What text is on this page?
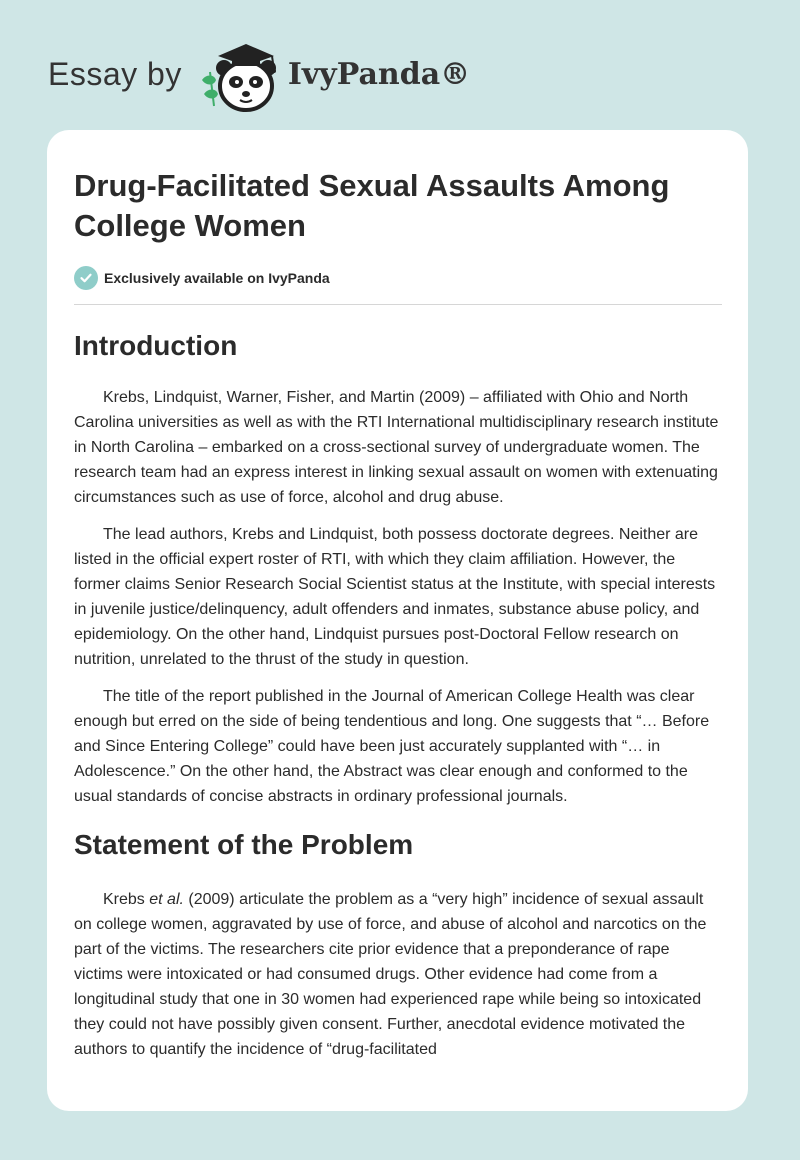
Essay by	IvyPanda®
Drug-Facilitated Sexual Assaults Among College Women
Exclusively available on IvyPanda
Introduction

Krebs, Lindquist, Warner, Fisher, and Martin (2009) – affiliated with Ohio and North Carolina universities as well as with the RTI International multidisciplinary research institute in North Carolina – embarked on a cross-sectional survey of undergraduate women. The research team had an express interest in linking sexual assault on women with extenuating circumstances such as use of force, alcohol and drug abuse.

The lead authors, Krebs and Lindquist, both possess doctorate degrees. Neither are listed in the official expert roster of RTI, with which they claim affiliation. However, the former claims Senior Research Social Scientist status at the Institute, with special interests in juvenile justice/delinquency, adult offenders and inmates, substance abuse policy, and epidemiology. On the other hand, Lindquist pursues post-Doctoral Fellow research on nutrition, unrelated to the thrust of the study in question.

The title of the report published in the Journal of American College Health was clear enough but erred on the side of being tendentious and long. One suggests that “… Before and Since Entering College” could have been just accurately supplanted with “… in Adolescence.” On the other hand, the Abstract was clear enough and conformed to the usual standards of concise abstracts in ordinary professional journals.

Statement of the Problem

Krebs et al. (2009) articulate the problem as a “very high” incidence of sexual assault on college women, aggravated by use of force, and abuse of alcohol and narcotics on the part of the victims. The researchers cite prior evidence that a preponderance of rape victims were intoxicated or had consumed drugs. Other evidence had come from a longitudinal study that one in 30 women had experienced rape while being so intoxicated they could not have possibly given consent. Further, anecdotal evidence motivated the authors to quantify the incidence of “drug-facilitated
